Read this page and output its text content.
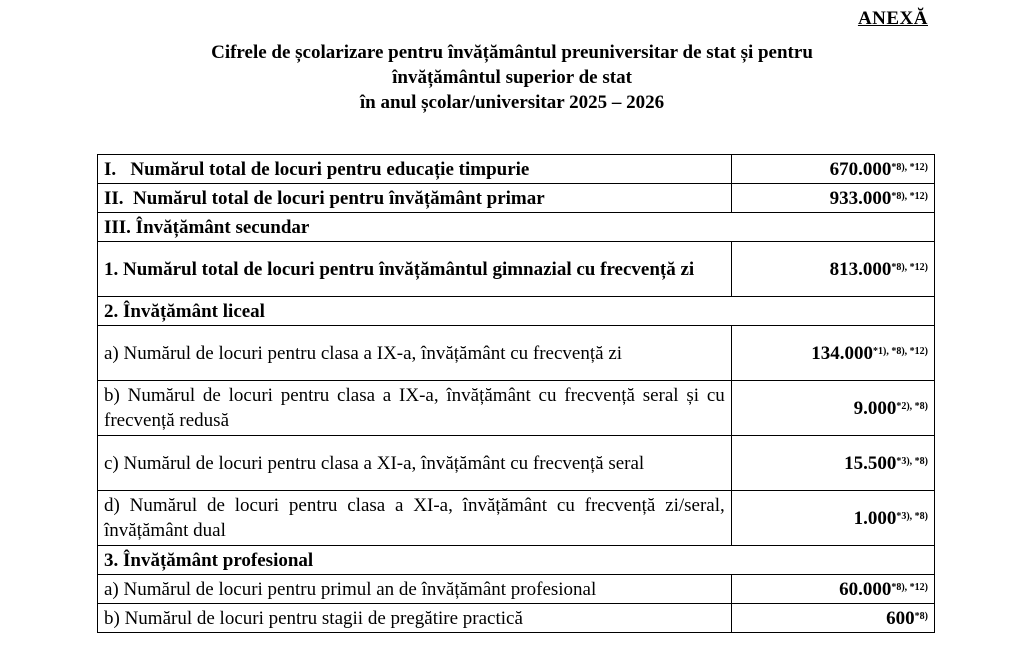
ANEXĂ
Cifrele de școlarizare pentru învățământul preuniversitar de stat și pentru
învățământul superior de stat
în anul școlar/universitar 2025 – 2026
I.   Numărul total de locuri pentru educație timpurie	$670.000^{*8), *12)}$
II.  Numărul total de locuri pentru învățământ primar	$933.000^{*8), *12)}$
III. Învățământ secundar	
1. Numărul total de locuri pentru învățământul gimnazial cu frecvență zi	$813.000^{*8), *12)}$
2. Învățământ liceal	
a) Numărul de locuri pentru clasa a IX-a, învățământ cu frecvență zi	$134.000^{*1), *8), *12)}$
b) Numărul de locuri pentru clasa a IX-a, învățământ cu frecvență seral și cu frecvență redusă	$9.000^{*2), *8)}$
c) Numărul de locuri pentru clasa a XI-a, învățământ cu frecvență seral	$15.500^{*3), *8)}$
d) Numărul de locuri pentru clasa a XI-a, învățământ cu frecvență zi/seral, învățământ dual	$1.000^{*3), *8)}$
3. Învățământ profesional	
a) Numărul de locuri pentru primul an de învățământ profesional	$60.000^{*8), *12)}$
b) Numărul de locuri pentru stagii de pregătire practică	600$^{*8)}$
